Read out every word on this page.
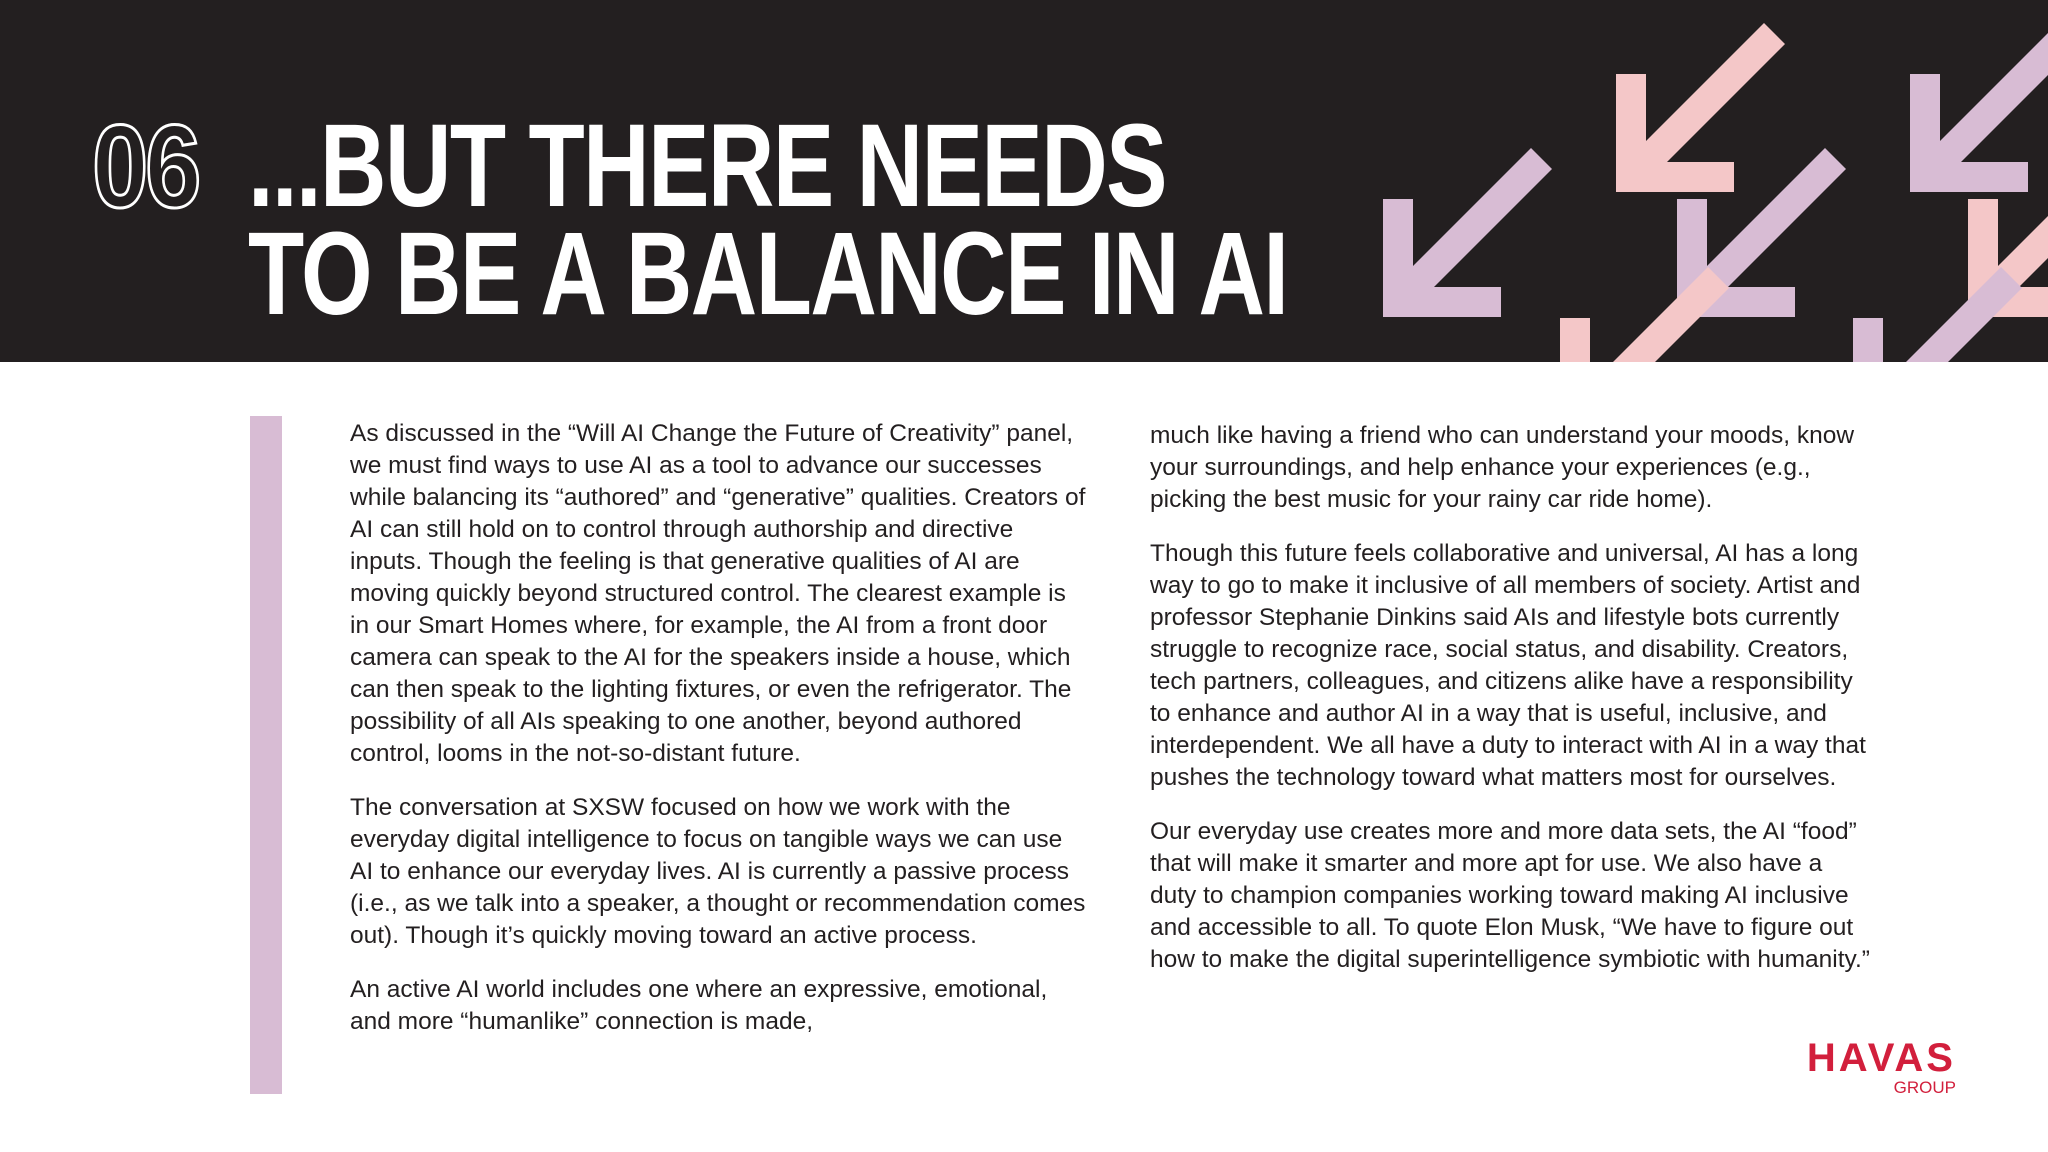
06 ...BUT THERE NEEDS
TO BE A BALANCE IN AI

As discussed in the “Will AI Change the Future of Creativity” panel, we must find ways to use AI as a tool to advance our successes while balancing its “authored” and “generative” qualities. Creators of AI can still hold on to control through authorship and directive inputs. Though the feeling is that generative qualities of AI are moving quickly beyond structured control. The clearest example is in our Smart Homes where, for example, the AI from a front door camera can speak to the AI for the speakers inside a house, which can then speak to the lighting fixtures, or even the refrigerator. The possibility of all AIs speaking to one another, beyond authored control, looms in the not-so-distant future.

The conversation at SXSW focused on how we work with the everyday digital intelligence to focus on tangible ways we can use AI to enhance our everyday lives. AI is currently a passive process (i.e., as we talk into a speaker, a thought or recommendation comes out). Though it’s quickly moving toward an active process.

An active AI world includes one where an expressive, emotional, and more “humanlike” connection is made,

much like having a friend who can understand your moods, know your surroundings, and help enhance your experiences (e.g., picking the best music for your rainy car ride home).

Though this future feels collaborative and universal, AI has a long way to go to make it inclusive of all members of society. Artist and professor Stephanie Dinkins said AIs and lifestyle bots currently struggle to recognize race, social status, and disability. Creators, tech partners, colleagues, and citizens alike have a responsibility to enhance and author AI in a way that is useful, inclusive, and interdependent. We all have a duty to interact with AI in a way that pushes the technology toward what matters most for ourselves.

Our everyday use creates more and more data sets, the AI “food” that will make it smarter and more apt for use. We also have a duty to champion companies working toward making AI inclusive and accessible to all. To quote Elon Musk, “We have to figure out how to make the digital superintelligence symbiotic with humanity.”

HAVAS
GROUP
